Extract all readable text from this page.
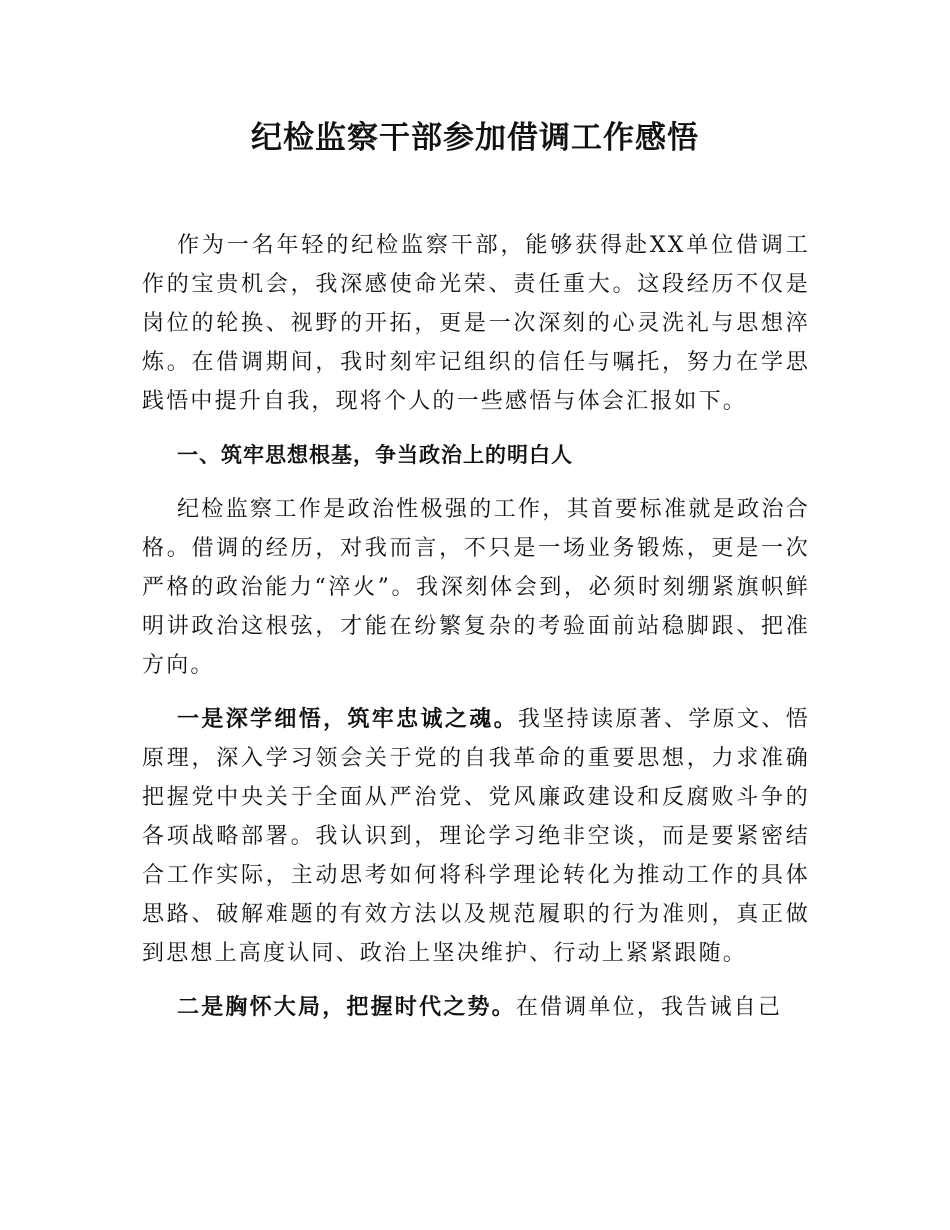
纪检监察干部参加借调工作感悟

作为一名年轻的纪检监察干部，能够获得赴XX单位借调工作的宝贵机会，我深感使命光荣、责任重大。这段经历不仅是岗位的轮换、视野的开拓，更是一次深刻的心灵洗礼与思想淬炼。在借调期间，我时刻牢记组织的信任与嘱托，努力在学思践悟中提升自我，现将个人的一些感悟与体会汇报如下。

一、筑牢思想根基，争当政治上的明白人

纪检监察工作是政治性极强的工作，其首要标准就是政治合格。借调的经历，对我而言，不只是一场业务锻炼，更是一次严格的政治能力“淬火”。我深刻体会到，必须时刻绷紧旗帜鲜明讲政治这根弦，才能在纷繁复杂的考验面前站稳脚跟、把准方向。

一是深学细悟，筑牢忠诚之魂。我坚持读原著、学原文、悟原理，深入学习领会关于党的自我革命的重要思想，力求准确把握党中央关于全面从严治党、党风廉政建设和反腐败斗争的各项战略部署。我认识到，理论学习绝非空谈，而是要紧密结合工作实际，主动思考如何将科学理论转化为推动工作的具体思路、破解难题的有效方法以及规范履职的行为准则，真正做到思想上高度认同、政治上坚决维护、行动上紧紧跟随。

二是胸怀大局，把握时代之势。在借调单位，我告诫自己
